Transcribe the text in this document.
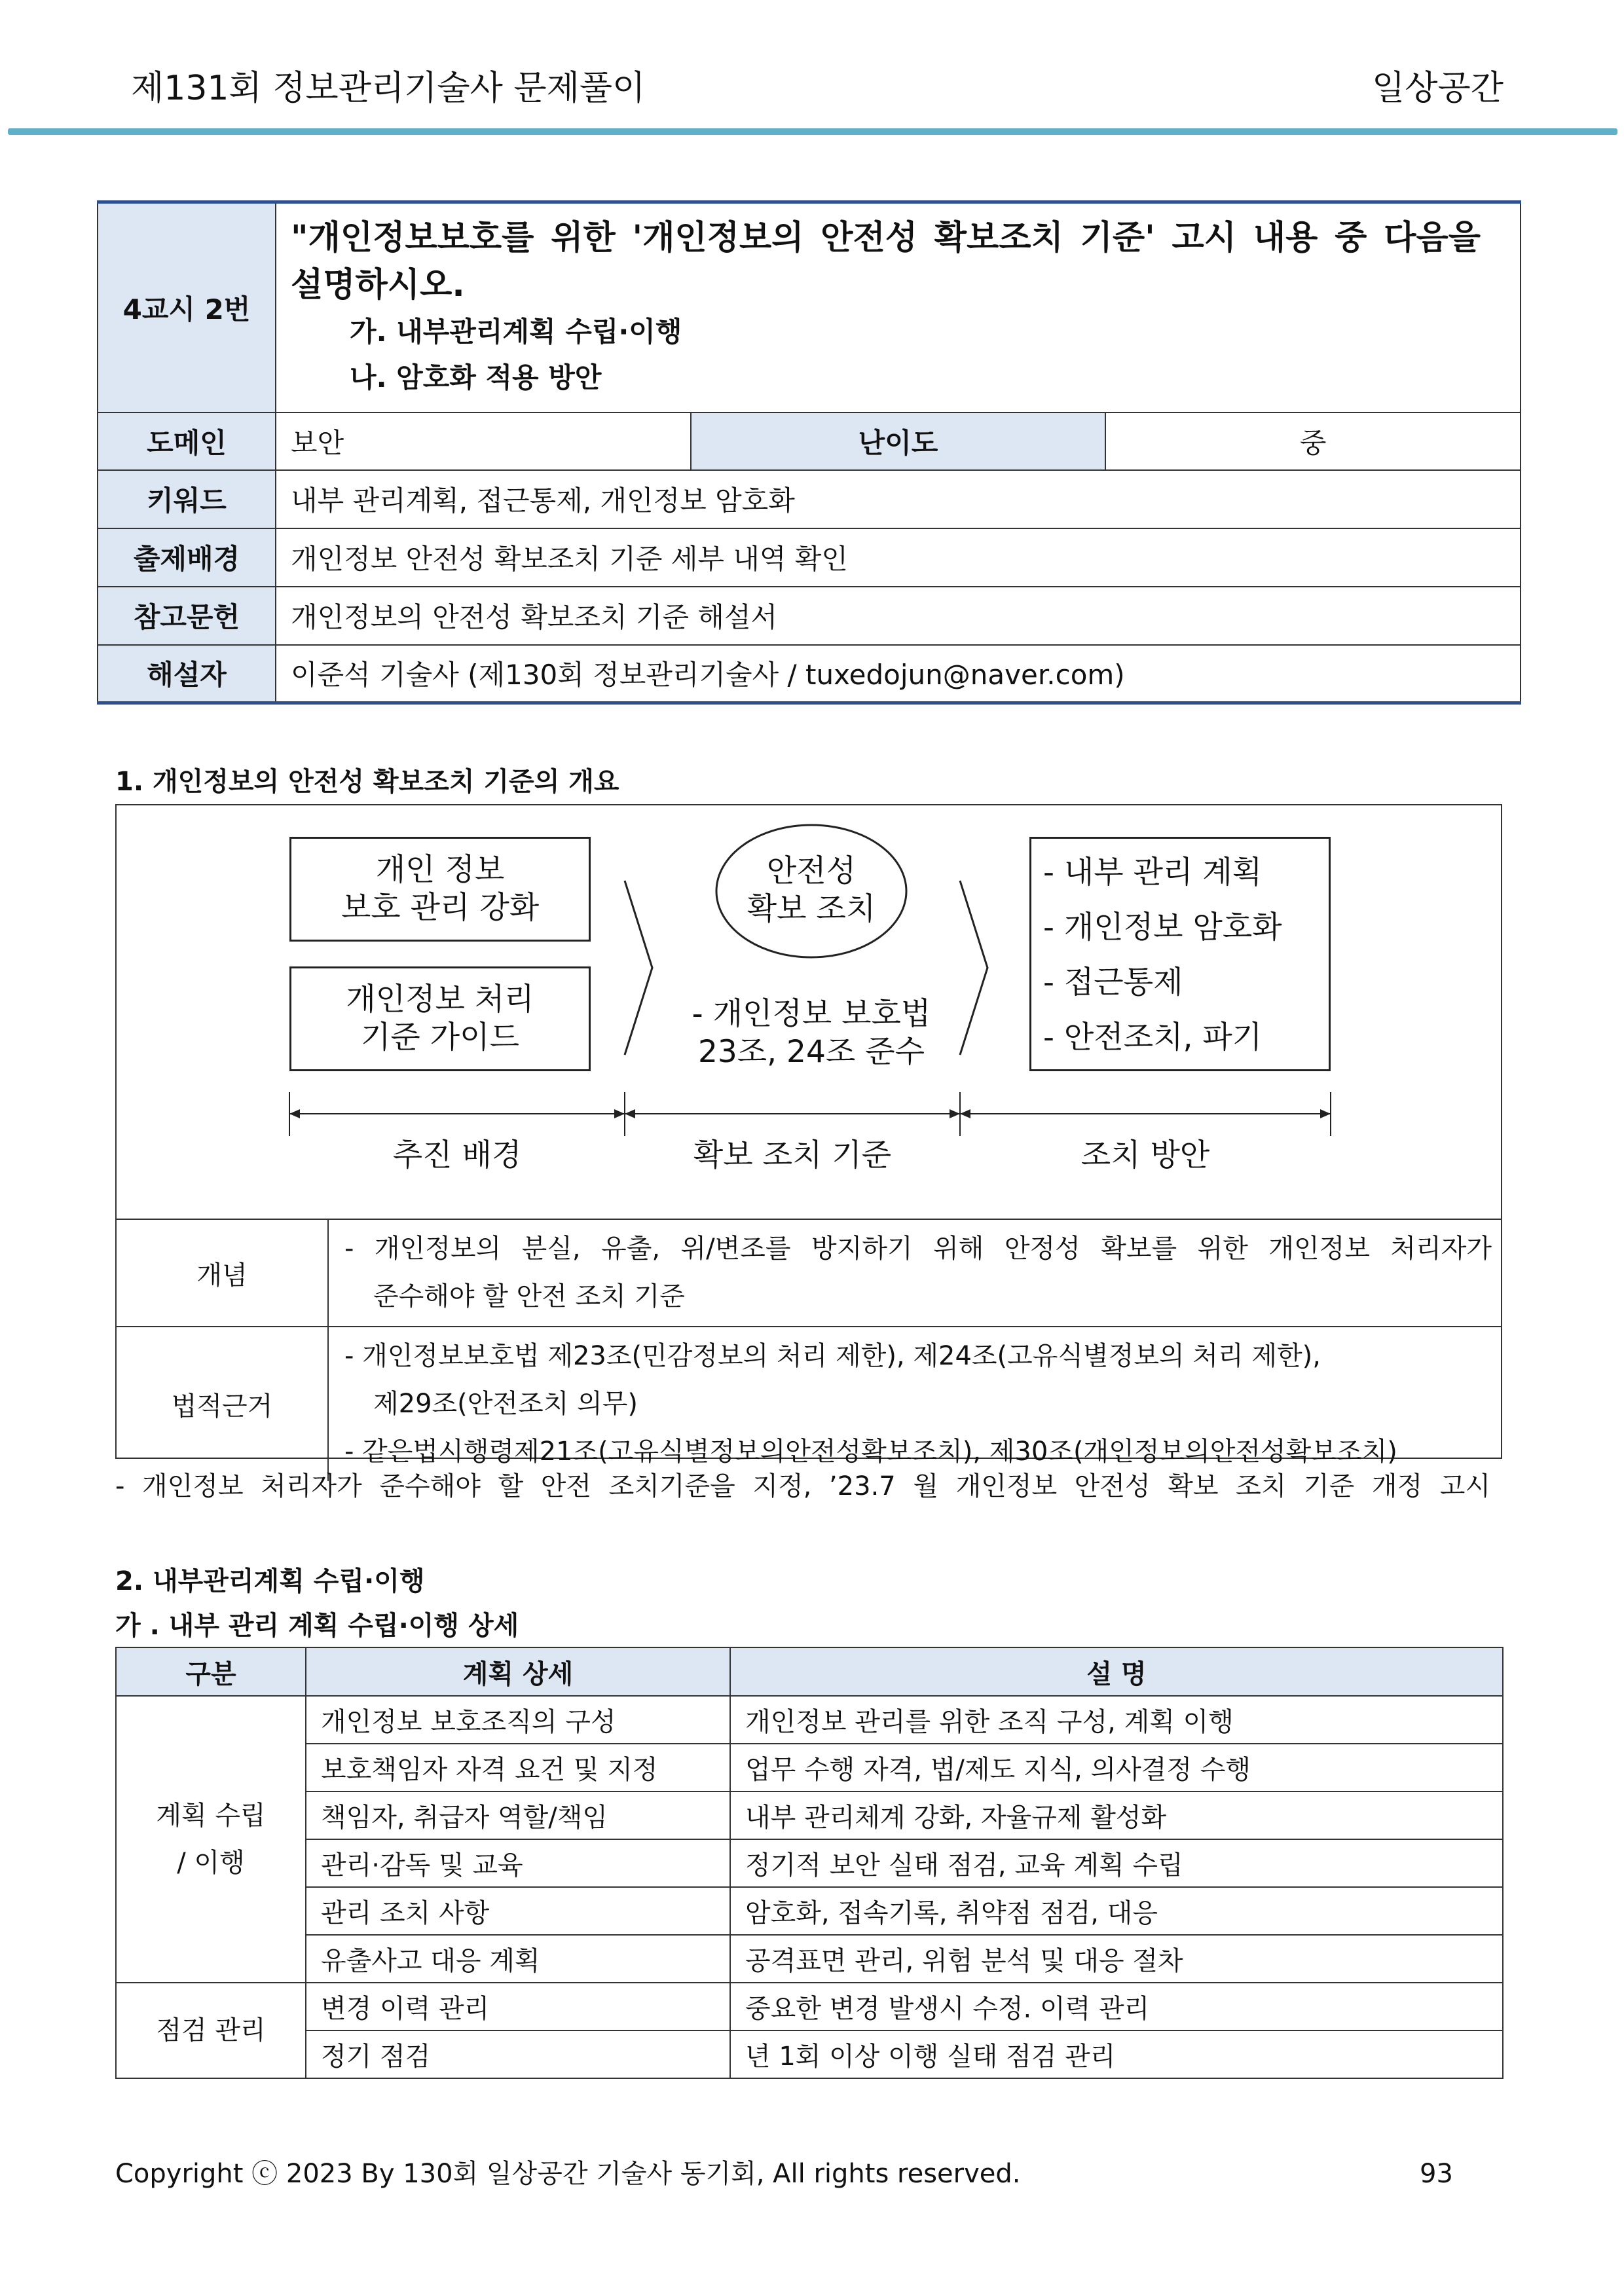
제131회 정보관리기술사 문제풀이	일상공간
4교시 2번	"개인정보보호를 위한 '개인정보의 안전성 확보조치 기준' 고시 내용 중 다음을
설명하시오.
가. 내부관리계획 수립·이행
나. 암호화 적용 방안		

도메인	보안	난이도	중
키워드	내부 관리계획, 접근통제, 개인정보 암호화		
출제배경	개인정보 안전성 확보조치 기준 세부 내역 확인		
참고문헌	개인정보의 안전성 확보조치 기준 해설서		
해설자	이준석 기술사 (제130회 정보관리기술사 / tuxedojun@naver.com)		
1. 개인정보의 안전성 확보조치 기준의 개요
개인 정보
보호 관리 강화
개인정보 처리
기준 가이드
안전성
확보 조치
- 개인정보 보호법
23조, 24조 준수
- 내부 관리 계획
- 개인정보 암호화
- 접근통제
- 안전조치, 파기
추진 배경	확보 조치 기준	조치 방안
개념	- 개인정보의 분실, 유출, 위/변조를 방지하기 위해 안정성 확보를 위한 개인정보 처리자가
준수해야 할 안전 조치 기준

법적근거	- 개인정보보호법 제23조(민감정보의 처리 제한), 제24조(고유식별정보의 처리 제한),
제29조(안전조치 의무)
- 같은법시행령제21조(고유식별정보의안전성확보조치), 제30조(개인정보의안전성확보조치)
- 개인정보 처리자가 준수해야 할 안전 조치기준을 지정, ’23.7 월 개인정보 안전성 확보 조치 기준 개정 고시
2. 내부관리계획 수립·이행
가 . 내부 관리 계획 수립·이행 상세
구분	계획 상세	설 명
계획 수립 / 이행	개인정보 보호조직의 구성	개인정보 관리를 위한 조직 구성, 계획 이행
	보호책임자 자격 요건 및 지정	업무 수행 자격, 법/제도 지식, 의사결정 수행
	책임자, 취급자 역할/책임	내부 관리체계 강화, 자율규제 활성화
	관리·감독 및 교육	정기적 보안 실태 점검, 교육 계획 수립
	관리 조치 사항	암호화, 접속기록, 취약점 점검, 대응
	유출사고 대응 계획	공격표면 관리, 위험 분석 및 대응 절차
점검 관리	변경 이력 관리	중요한 변경 발생시 수정. 이력 관리
	정기 점검	년 1회 이상 이행 실태 점검 관리
Copyright ⓒ 2023 By 130회 일상공간 기술사 동기회, All rights reserved.	93
